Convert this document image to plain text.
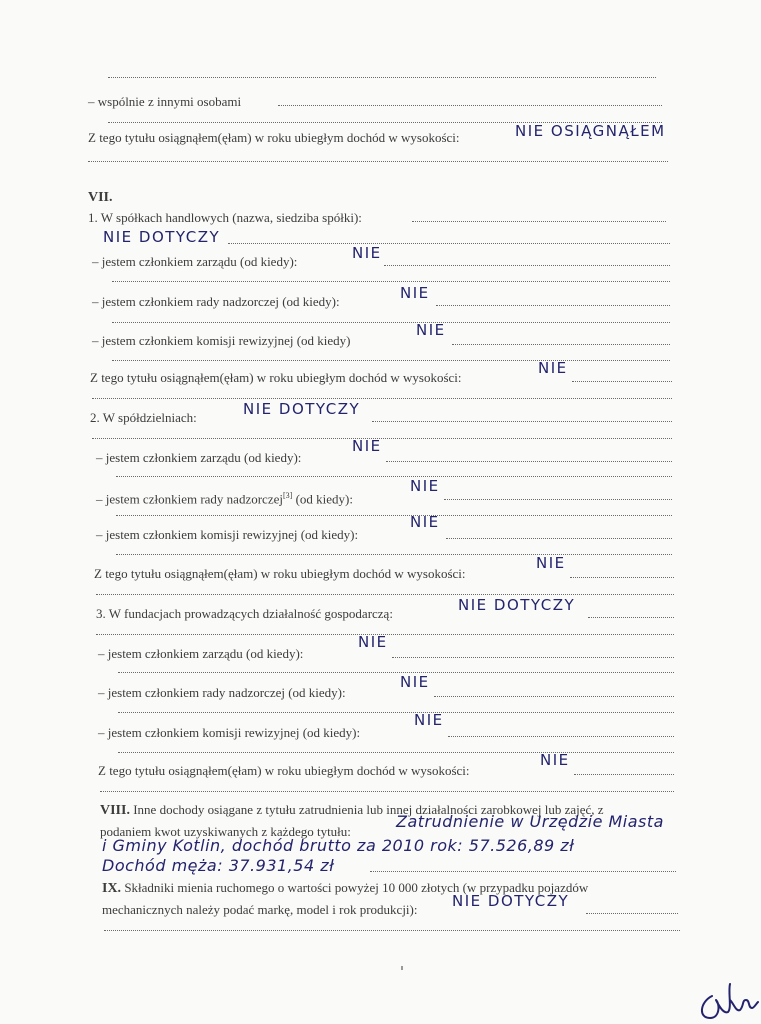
– wspólnie z innymi osobami
Z tego tytułu osiągnąłem(ęłam) w roku ubiegłym dochód w wysokości:	NIE OSIĄGNĄŁEM
VII.
1. W spółkach handlowych (nazwa, siedziba spółki):
NIE DOTYCZY
– jestem członkiem zarządu (od kiedy):	NIE
– jestem członkiem rady nadzorczej (od kiedy):	NIE
– jestem członkiem komisji rewizyjnej (od kiedy)
NIE
Z tego tytułu osiągnąłem(ęłam) w roku ubiegłym dochód w wysokości:
NIE
2. W spółdzielniach:	NIE DOTYCZY
– jestem członkiem zarządu (od kiedy):
NIE
– jestem członkiem rady nadzorczej[3] (od kiedy):
NIE
– jestem członkiem komisji rewizyjnej (od kiedy):
NIE
Z tego tytułu osiągnąłem(ęłam) w roku ubiegłym dochód w wysokości:
NIE
3. W fundacjach prowadzących działalność gospodarczą:	NIE DOTYCZY
– jestem członkiem zarządu (od kiedy):
NIE
– jestem członkiem rady nadzorczej (od kiedy):
NIE
– jestem członkiem komisji rewizyjnej (od kiedy):
NIE
Z tego tytułu osiągnąłem(ęłam) w roku ubiegłym dochód w wysokości:
NIE
VIII. Inne dochody osiągane z tytułu zatrudnienia lub innej działalności zarobkowej lub zajęć, z
podaniem kwot uzyskiwanych z każdego tytułu:
Zatrudnienie w Urzędzie Miasta
i Gminy Kotlin, dochód brutto za 2010 rok: 57.526,89 zł
Dochód męża: 37.931,54 zł
IX. Składniki mienia ruchomego o wartości powyżej 10 000 złotych (w przypadku pojazdów
mechanicznych należy podać markę, model i rok produkcji): NIE DOTYCZY
